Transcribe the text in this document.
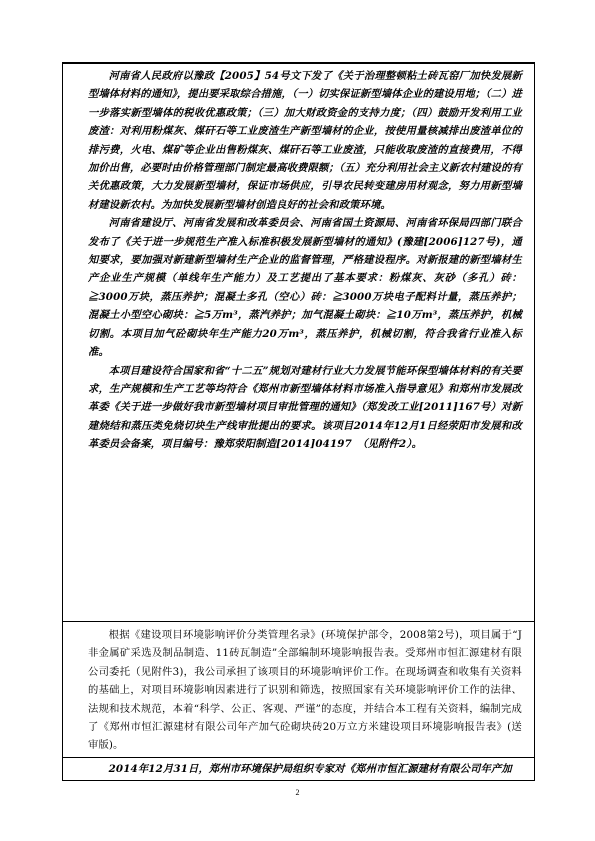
河南省人民政府以豫政【2005】54号文下发了《关于治理整顿粘土砖瓦窑厂加快发展新型墙体材料的通知》，提出要采取综合措施，（一）切实保证新型墙体企业的建设用地；（二）进一步落实新型墙体的税收优惠政策；（三）加大财政资金的支持力度；（四）鼓励开发利用工业废渣：对利用粉煤灰、煤矸石等工业废渣生产新型墙材的企业，按使用量核减排出废渣单位的排污费，火电、煤矿等企业出售粉煤灰、煤矸石等工业废渣，只能收取废渣的直接费用，不得加价出售，必要时由价格管理部门制定最高收费限额；（五）充分利用社会主义新农村建设的有关优惠政策，大力发展新型墙材，保证市场供应，引导农民转变建房用材观念，努力用新型墙材建设新农村。为加快发展新型墙材创造良好的社会和政策环境。

河南省建设厅、河南省发展和改革委员会、河南省国土资源局、河南省环保局四部门联合发布了《关于进一步规范生产准入标准积极发展新型墙材的通知》(豫建[2006]127号)，通知要求，要加强对新建新型墙材生产企业的监督管理，严格建设程序。对新报建的新型墙材生产企业生产规模（单线年生产能力）及工艺提出了基本要求：粉煤灰、灰砂（多孔）砖：≧3000万块，蒸压养护；混凝土多孔（空心）砖：≧3000万块电子配料计量，蒸压养护；混凝土小型空心砌块：≧5万m³，蒸汽养护；加气混凝土砌块：≧10万m³，蒸压养护，机械切割。本项目加气砼砌块年生产能力20万m³，蒸压养护，机械切割，符合我省行业准入标准。

本项目建设符合国家和省“十二五”规划对建材行业大力发展节能环保型墙体材料的有关要求，生产规模和生产工艺等均符合《郑州市新型墙体材料市场准入指导意见》和郑州市发展改革委《关于进一步做好我市新型墙材项目审批管理的通知》（郑发改工业[2011]167号）对新建烧结和蒸压类免烧切块生产线审批提出的要求。该项目2014年12月1日经荥阳市发展和改革委员会备案，项目编号：豫郑荥阳制造[2014]04197　（见附件2）。

根据《建设项目环境影响评价分类管理名录》(环境保护部令，2008第2号)，项目属于“J非金属矿采选及制品制造、11砖瓦制造”全部编制环境影响报告表。受郑州市恒汇源建材有限公司委托（见附件3)，我公司承担了该项目的环境影响评价工作。在现场调查和收集有关资料的基础上，对项目环境影响因素进行了识别和筛选，按照国家有关环境影响评价工作的法律、法规和技术规范，本着“科学、公正、客观、严谨”的态度，并结合本工程有关资料，编制完成了《郑州市恒汇源建材有限公司年产加气砼砌块砖20万立方米建设项目环境影响报告表》(送审版)。

2014年12月31日，郑州市环境保护局组织专家对《郑州市恒汇源建材有限公司年产加

2
